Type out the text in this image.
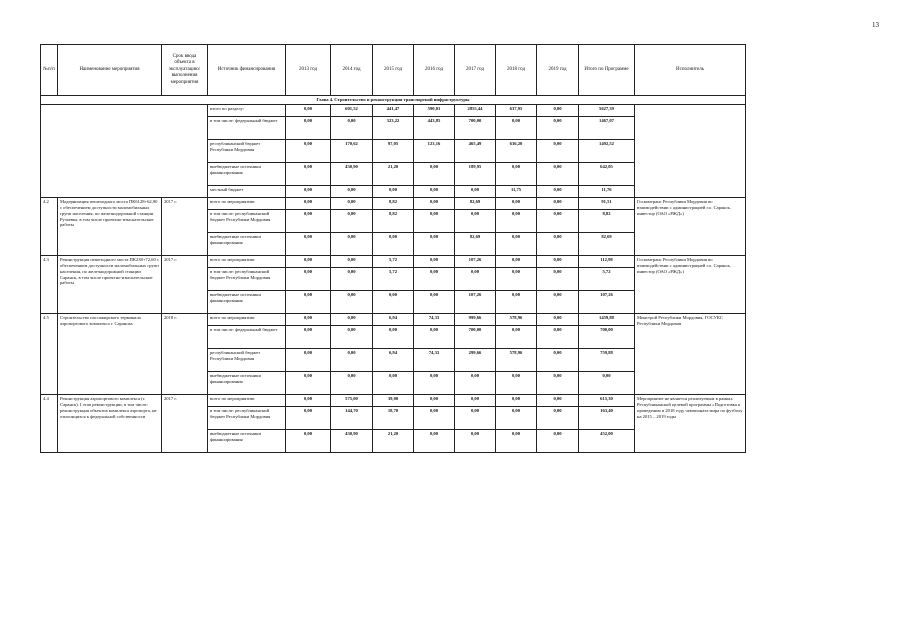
13
№п/п	Наименование мероприятия	Срок ввода объекта в эксплуатацию/ выполнения мероприятия	Источник финансирования	2013 год	2014 год	2015 год	2016 год	2017 год	2018 год	2019 год	Итого по Программе	Исполнитель
Глава 4. Строительство и реконструкция транспортной инфраструктуры												
			итого по разделу:	0,00	601,52	441,47	590,01	2855,44	637,95	0,00	5627,39	
			в том числе: федеральный бюджет	0,00	0,00	323,22	443,85	700,00	0,00	0,00	1467,07	
			республиканский бюджет Республики Мордовия	0,00	170,62	97,05	123,16	465,49	636,20	0,00	1492,52	
			внебюджетные источники финансирования	0,00	430,90	21,20	0,00	189,95	0,00	0,00	642,05	
			местный бюджет	0,00	0,00	0,00	0,00	0,00	11,75	0,00	11,76	
4.2	Модернизация пешеходного моста ПК6128+62,90 с обеспечением доступности маломобильных групп населения, по железнодорожной станции Рузаевка, в том числе проектно-изыскательские работы	2017 г.	всего по мероприятию:	0,00	0,00	8,82	0,00	82,69	0,00	0,00	91,51	Госкомтранс Республики Мордовия во взаимодействии с администрацией г.о. Саранск, инвестор (ОАО «РЖД»)
			в том числе: республиканский бюджет Республики Мордовия	0,00	0,00	8,82	0,00	0,00	0,00	0,00	8,82	
			внебюджетные источники финансирования	0,00	0,00	0,00	0,00	82,69	0,00	0,00	82,69	
4.3	Реконструкция пешеходного моста ПК238+72,60 с обеспечением доступности маломобильных групп населения, по железнодорожной станции Саранск, в том числе проектно-изыскательские работы	2017 г.	всего по мероприятию:	0,00	0,00	5,72	0,00	107,26	0,00	0,00	112,98	Госкомтранс Республики Мордовия во взаимодействии с администрацией г.о. Саранск, инвестор (ОАО «РЖД»)
			в том числе: республиканский бюджет Республики Мордовия	0,00	0,00	5,72	0,00	0,00	0,00	0,00	5,72	
			внебюджетные источники финансирования	0,00	0,00	0,00	0,00	107,26	0,00	0,00	107,26	
4.5	Строительство пассажирского терминала аэропортового комплекса г. Саранска	2018 г.	всего по мероприятию:	0,00	0,00	6,94	74,33	999,66	578,96	0,00	1459,88	Минстрой Республики Мордовия, ГОСУКС Республики Мордовия
			в том числе: федеральный бюджет	0,00	0,00	0,00	0,00	700,00	0,00	0,00	700,00	
			республиканский бюджет Республики Мордовия	0,00	0,00	6,94	74,33	299,66	578,96	0,00	759,88	
			внебюджетные источники финансирования	0,00	0,00	0,00	0,00	0,00	0,00	0,00	0,00	
4.4	Реконструкция аэропортового комплекса (г. Саранск). I этап реконструкции, в том числе: реконструкция объектов комплекса аэропорта, не относящихся к федеральной собственности	2017 г.	всего по мероприятию:	0,00	575,00	39,00	0,00	0,00	0,00	0,00	615,30	Мероприятие не является реализуемым в рамках Республиканской целевой программы «Подготовка к проведению в 2018 году чемпионата мира по футболу на 2015 – 2019 годы
			в том числе: республиканский бюджет Республики Мордовия	0,00	144,70	18,70	0,00	0,00	0,00	0,00	163,40	
			внебюджетные источники финансирования	0,00	430,90	21,20	0,00	0,00	0,00	0,00	452,00	
